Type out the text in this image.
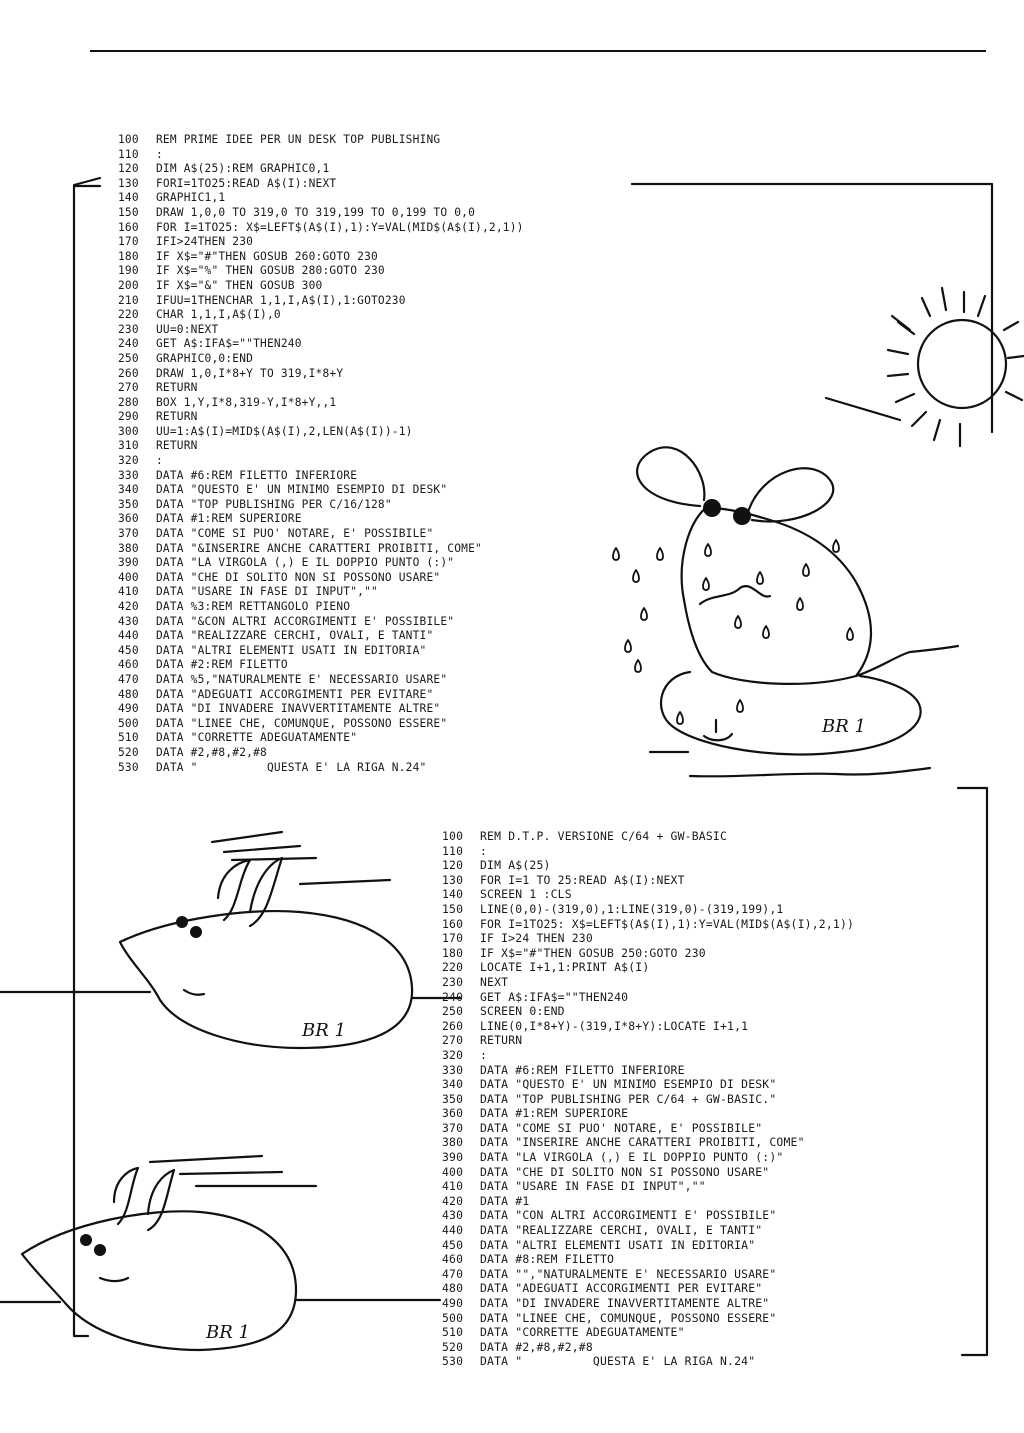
BR 1
BR 1
BR 1
100 REM PRIME IDEE PER UN DESK TOP PUBLISHING
110 :
120 DIM A$(25):REM GRAPHIC0,1
130 FORI=1TO25:READ A$(I):NEXT
140 GRAPHIC1,1
150 DRAW 1,0,0 TO 319,0 TO 319,199 TO 0,199 TO 0,0
160 FOR I=1TO25: X$=LEFT$(A$(I),1):Y=VAL(MID$(A$(I),2,1))
170 IFI>24THEN 230
180 IF X$="#"THEN GOSUB 260:GOTO 230
190 IF X$="%" THEN GOSUB 280:GOTO 230
200 IF X$="&" THEN GOSUB 300
210 IFUU=1THENCHAR 1,1,I,A$(I),1:GOTO230
220 CHAR 1,1,I,A$(I),0
230 UU=0:NEXT
240 GET A$:IFA$=""THEN240
250 GRAPHIC0,0:END
260 DRAW 1,0,I*8+Y TO 319,I*8+Y
270 RETURN
280 BOX 1,Y,I*8,319-Y,I*8+Y,,1
290 RETURN
300 UU=1:A$(I)=MID$(A$(I),2,LEN(A$(I))-1)
310 RETURN
320 :
330 DATA #6:REM FILETTO INFERIORE
340 DATA "QUESTO E' UN MINIMO ESEMPIO DI DESK"
350 DATA "TOP PUBLISHING PER C/16/128"
360 DATA #1:REM SUPERIORE
370 DATA "COME SI PUO' NOTARE, E' POSSIBILE"
380 DATA "&INSERIRE ANCHE CARATTERI PROIBITI, COME"
390 DATA "LA VIRGOLA (,) E IL DOPPIO PUNTO (:)"
400 DATA "CHE DI SOLITO NON SI POSSONO USARE"
410 DATA "USARE IN FASE DI INPUT",""
420 DATA %3:REM RETTANGOLO PIENO
430 DATA "&CON ALTRI ACCORGIMENTI E' POSSIBILE"
440 DATA "REALIZZARE CERCHI, OVALI, E TANTI"
450 DATA "ALTRI ELEMENTI USATI IN EDITORIA"
460 DATA #2:REM FILETTO
470 DATA %5,"NATURALMENTE E' NECESSARIO USARE"
480 DATA "ADEGUATI ACCORGIMENTI PER EVITARE"
490 DATA "DI INVADERE INAVVERTITAMENTE ALTRE"
500 DATA "LINEE CHE, COMUNQUE, POSSONO ESSERE"
510 DATA "CORRETTE ADEGUATAMENTE"
520 DATA #2,#8,#2,#8
530 DATA "          QUESTA E' LA RIGA N.24"
100 REM D.T.P. VERSIONE C/64 + GW-BASIC
110 :
120 DIM A$(25)
130 FOR I=1 TO 25:READ A$(I):NEXT
140 SCREEN 1 :CLS
150 LINE(0,0)-(319,0),1:LINE(319,0)-(319,199),1
160 FOR I=1TO25: X$=LEFT$(A$(I),1):Y=VAL(MID$(A$(I),2,1))
170 IF I>24 THEN 230
180 IF X$="#"THEN GOSUB 250:GOTO 230
220 LOCATE I+1,1:PRINT A$(I)
230 NEXT
240 GET A$:IFA$=""THEN240
250 SCREEN 0:END
260 LINE(0,I*8+Y)-(319,I*8+Y):LOCATE I+1,1
270 RETURN
320 :
330 DATA #6:REM FILETTO INFERIORE
340 DATA "QUESTO E' UN MINIMO ESEMPIO DI DESK"
350 DATA "TOP PUBLISHING PER C/64 + GW-BASIC."
360 DATA #1:REM SUPERIORE
370 DATA "COME SI PUO' NOTARE, E' POSSIBILE"
380 DATA "INSERIRE ANCHE CARATTERI PROIBITI, COME"
390 DATA "LA VIRGOLA (,) E IL DOPPIO PUNTO (:)"
400 DATA "CHE DI SOLITO NON SI POSSONO USARE"
410 DATA "USARE IN FASE DI INPUT",""
420 DATA #1
430 DATA "CON ALTRI ACCORGIMENTI E' POSSIBILE"
440 DATA "REALIZZARE CERCHI, OVALI, E TANTI"
450 DATA "ALTRI ELEMENTI USATI IN EDITORIA"
460 DATA #8:REM FILETTO
470 DATA "","NATURALMENTE E' NECESSARIO USARE"
480 DATA "ADEGUATI ACCORGIMENTI PER EVITARE"
490 DATA "DI INVADERE INAVVERTITAMENTE ALTRE"
500 DATA "LINEE CHE, COMUNQUE, POSSONO ESSERE"
510 DATA "CORRETTE ADEGUATAMENTE"
520 DATA #2,#8,#2,#8
530 DATA "          QUESTA E' LA RIGA N.24"
